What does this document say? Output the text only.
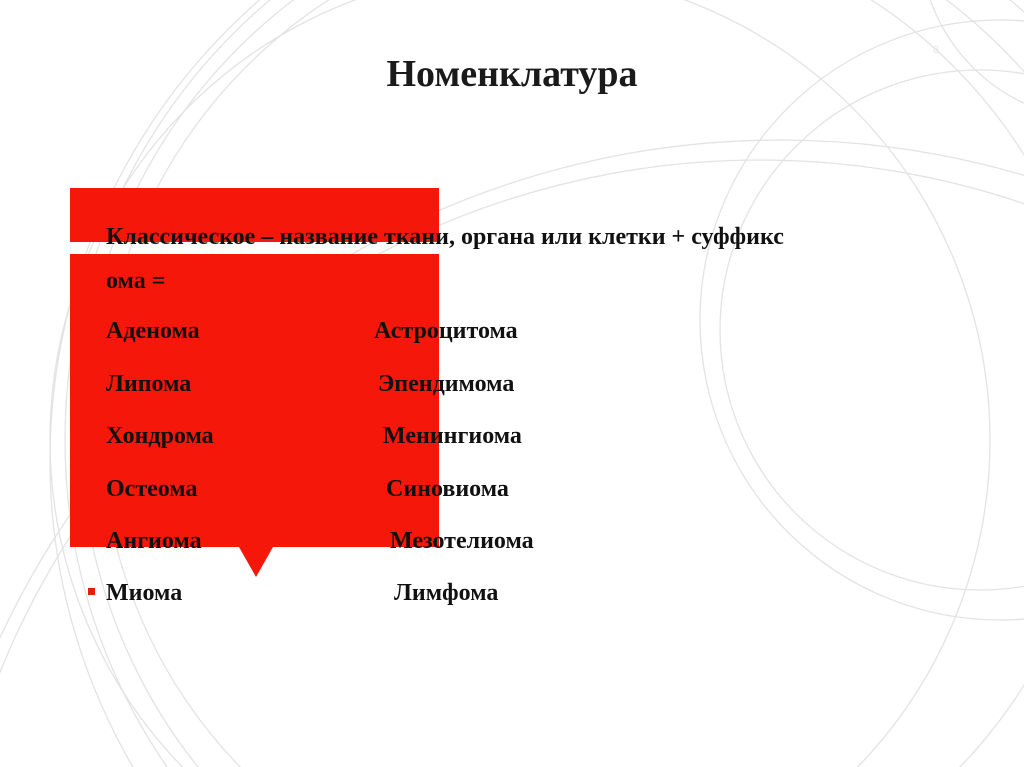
8
Номенклатура
Классическое – название ткани, органа или клетки + суффикс
ома =
Аденома	Астроцитома
Липома	Эпендимома
Хондрома	Менингиома
Остеома	Синовиома
Ангиома	Мезотелиома
Миома	Лимфома
